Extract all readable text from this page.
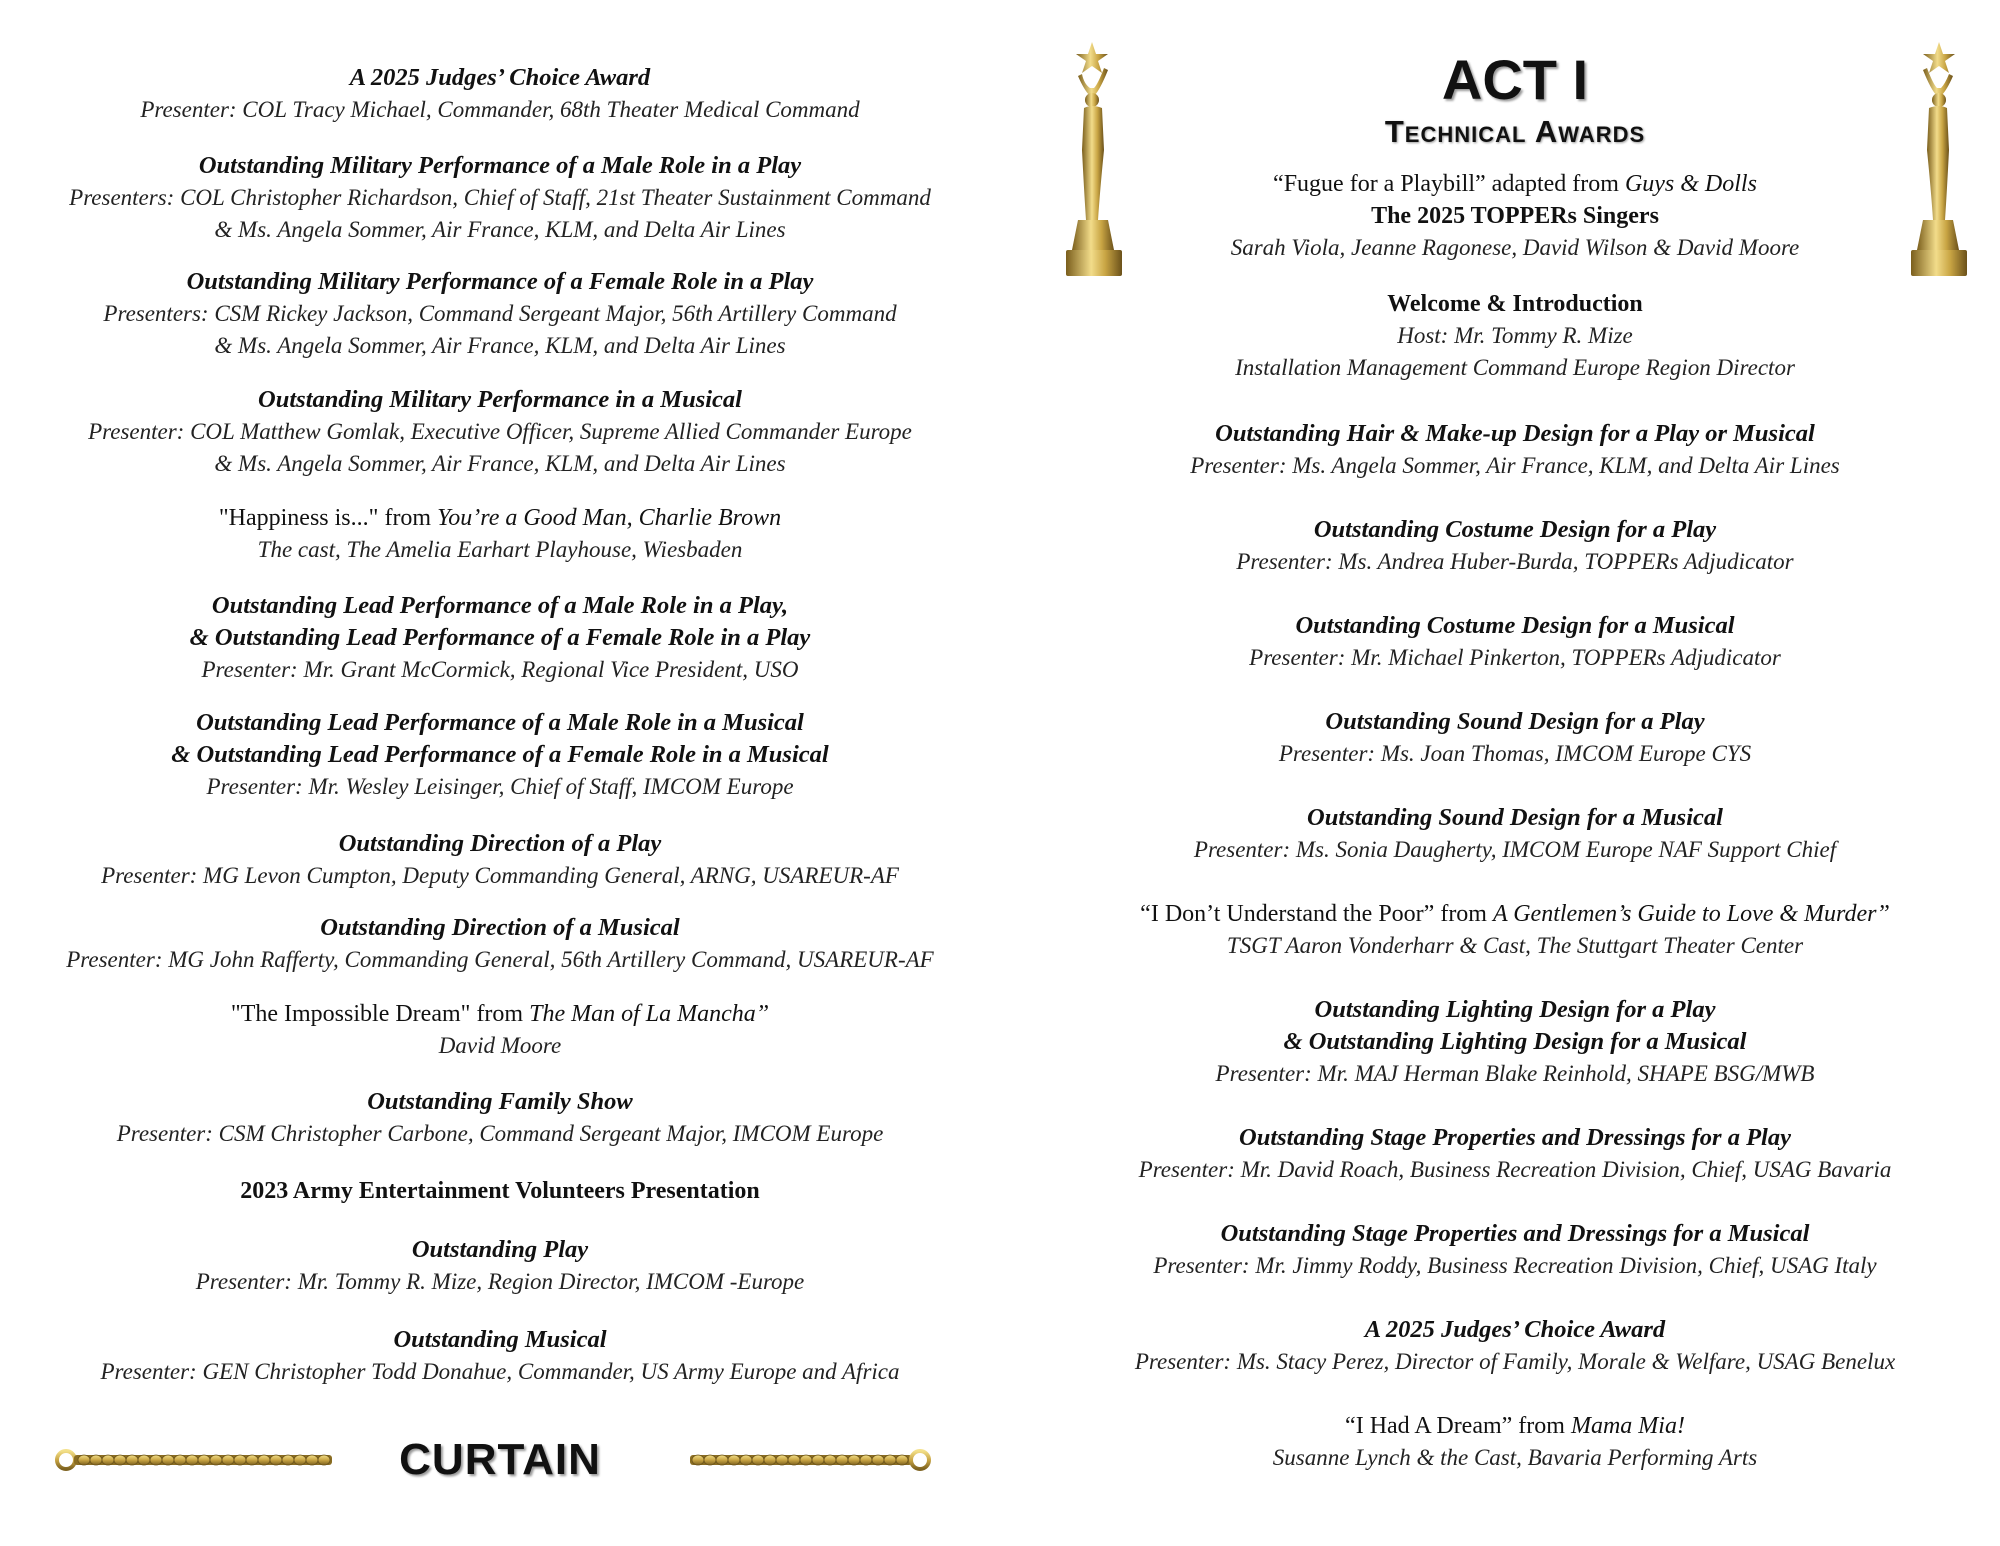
A 2025 Judges’ Choice Award
Presenter: COL Tracy Michael, Commander, 68th Theater Medical Command
Outstanding Military Performance of a Male Role in a Play
Presenters: COL Christopher Richardson, Chief of Staff, 21st Theater Sustainment Command
& Ms. Angela Sommer, Air France, KLM, and Delta Air Lines
Outstanding Military Performance of a Female Role in a Play
Presenters: CSM Rickey Jackson, Command Sergeant Major, 56th Artillery Command
& Ms. Angela Sommer, Air France, KLM, and Delta Air Lines
Outstanding Military Performance in a Musical
Presenter: COL Matthew Gomlak, Executive Officer, Supreme Allied Commander Europe
& Ms. Angela Sommer, Air France, KLM, and Delta Air Lines
"Happiness is..." from You’re a Good Man, Charlie Brown
The cast, The Amelia Earhart Playhouse, Wiesbaden
Outstanding Lead Performance of a Male Role in a Play,
& Outstanding Lead Performance of a Female Role in a Play
Presenter: Mr. Grant McCormick, Regional Vice President, USO
Outstanding Lead Performance of a Male Role in a Musical
& Outstanding Lead Performance of a Female Role in a Musical
Presenter: Mr. Wesley Leisinger, Chief of Staff, IMCOM Europe
Outstanding Direction of a Play
Presenter: MG Levon Cumpton, Deputy Commanding General, ARNG, USAREUR-AF
Outstanding Direction of a Musical
Presenter: MG John Rafferty, Commanding General, 56th Artillery Command, USAREUR-AF
"The Impossible Dream" from The Man of La Mancha”
David Moore
Outstanding Family Show
Presenter: CSM Christopher Carbone, Command Sergeant Major, IMCOM Europe
2023 Army Entertainment Volunteers Presentation
Outstanding Play
Presenter: Mr. Tommy R. Mize, Region Director, IMCOM -Europe
Outstanding Musical
Presenter: GEN Christopher Todd Donahue, Commander, US Army Europe and Africa
CURTAIN
ACT I
Technical Awards
“Fugue for a Playbill” adapted from Guys & Dolls
The 2025 TOPPERs Singers
Sarah Viola, Jeanne Ragonese, David Wilson & David Moore
Welcome & Introduction
Host: Mr. Tommy R. Mize
Installation Management Command Europe Region Director
Outstanding Hair & Make-up Design for a Play or Musical
Presenter: Ms. Angela Sommer, Air France, KLM, and Delta Air Lines
Outstanding Costume Design for a Play
Presenter: Ms. Andrea Huber-Burda, TOPPERs Adjudicator
Outstanding Costume Design for a Musical
Presenter: Mr. Michael Pinkerton, TOPPERs Adjudicator
Outstanding Sound Design for a Play
Presenter: Ms. Joan Thomas, IMCOM Europe CYS
Outstanding Sound Design for a Musical
Presenter: Ms. Sonia Daugherty, IMCOM Europe NAF Support Chief
“I Don’t Understand the Poor” from A Gentlemen’s Guide to Love & Murder”
TSGT Aaron Vonderharr & Cast, The Stuttgart Theater Center
Outstanding Lighting Design for a Play
& Outstanding Lighting Design for a Musical
Presenter: Mr. MAJ Herman Blake Reinhold, SHAPE BSG/MWB
Outstanding Stage Properties and Dressings for a Play
Presenter: Mr. David Roach, Business Recreation Division, Chief, USAG Bavaria
Outstanding Stage Properties and Dressings for a Musical
Presenter: Mr. Jimmy Roddy, Business Recreation Division, Chief, USAG Italy
A 2025 Judges’ Choice Award
Presenter: Ms. Stacy Perez, Director of Family, Morale & Welfare, USAG Benelux
“I Had A Dream” from Mama Mia!
Susanne Lynch & the Cast, Bavaria Performing Arts
